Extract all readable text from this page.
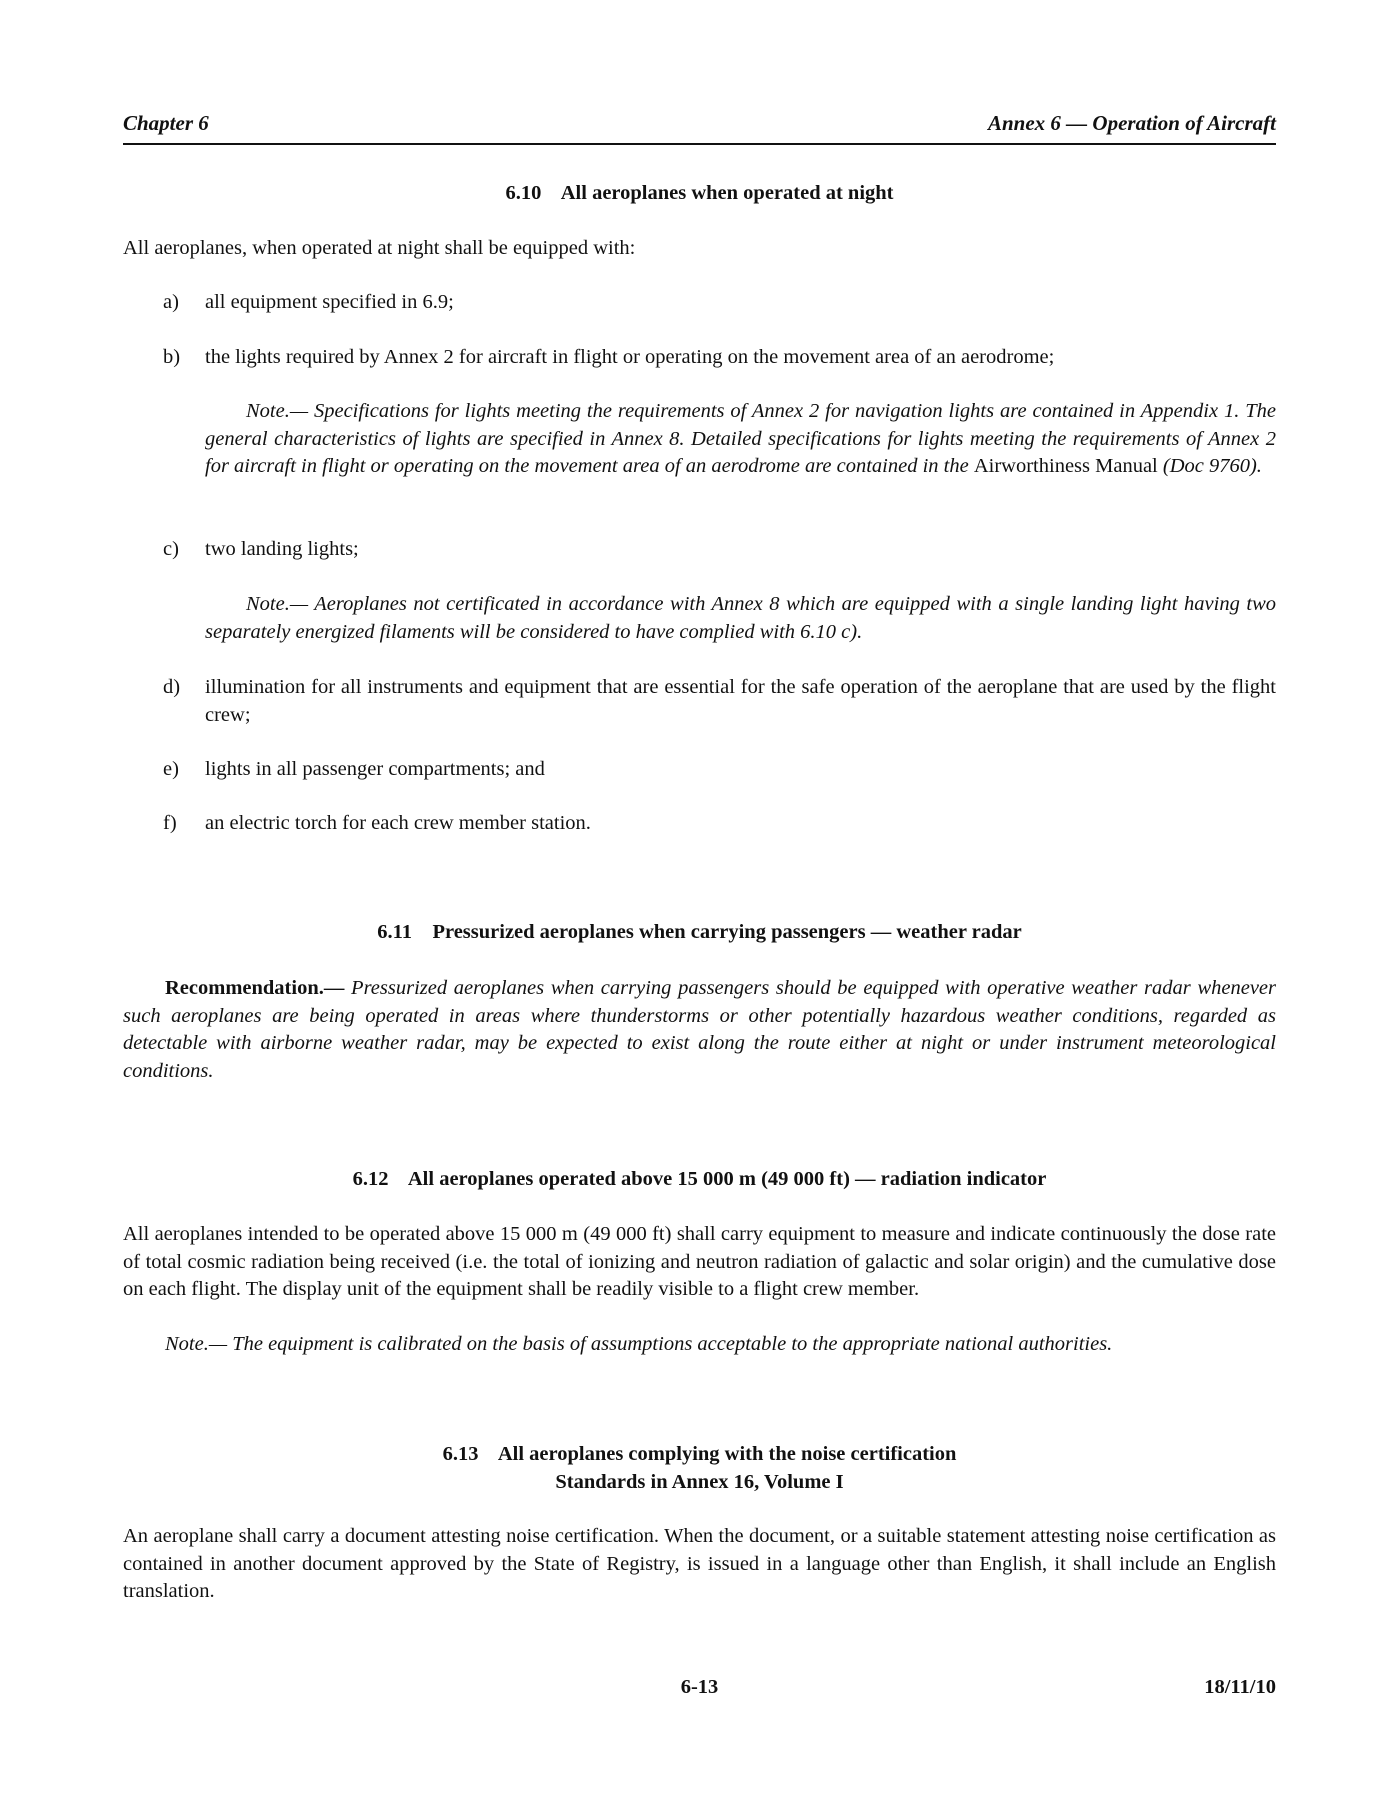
Chapter 6	Annex 6 — Operation of Aircraft
6.10    All aeroplanes when operated at night
All aeroplanes, when operated at night shall be equipped with:
a) all equipment specified in 6.9;
b) the lights required by Annex 2 for aircraft in flight or operating on the movement area of an aerodrome;
Note.— Specifications for lights meeting the requirements of Annex 2 for navigation lights are contained in Appendix 1. The general characteristics of lights are specified in Annex 8. Detailed specifications for lights meeting the requirements of Annex 2 for aircraft in flight or operating on the movement area of an aerodrome are contained in the Airworthiness Manual (Doc 9760).
c) two landing lights;
Note.— Aeroplanes not certificated in accordance with Annex 8 which are equipped with a single landing light having two separately energized filaments will be considered to have complied with 6.10 c).
d) illumination for all instruments and equipment that are essential for the safe operation of the aeroplane that are used by the flight crew;
e) lights in all passenger compartments; and
f) an electric torch for each crew member station.
6.11    Pressurized aeroplanes when carrying passengers — weather radar
Recommendation.— Pressurized aeroplanes when carrying passengers should be equipped with operative weather radar whenever such aeroplanes are being operated in areas where thunderstorms or other potentially hazardous weather conditions, regarded as detectable with airborne weather radar, may be expected to exist along the route either at night or under instrument meteorological conditions.
6.12    All aeroplanes operated above 15 000 m (49 000 ft) — radiation indicator
All aeroplanes intended to be operated above 15 000 m (49 000 ft) shall carry equipment to measure and indicate continuously the dose rate of total cosmic radiation being received (i.e. the total of ionizing and neutron radiation of galactic and solar origin) and the cumulative dose on each flight. The display unit of the equipment shall be readily visible to a flight crew member.
Note.— The equipment is calibrated on the basis of assumptions acceptable to the appropriate national authorities.
6.13    All aeroplanes complying with the noise certification
Standards in Annex 16, Volume I
An aeroplane shall carry a document attesting noise certification. When the document, or a suitable statement attesting noise certification as contained in another document approved by the State of Registry, is issued in a language other than English, it shall include an English translation.
6-13	18/11/10
